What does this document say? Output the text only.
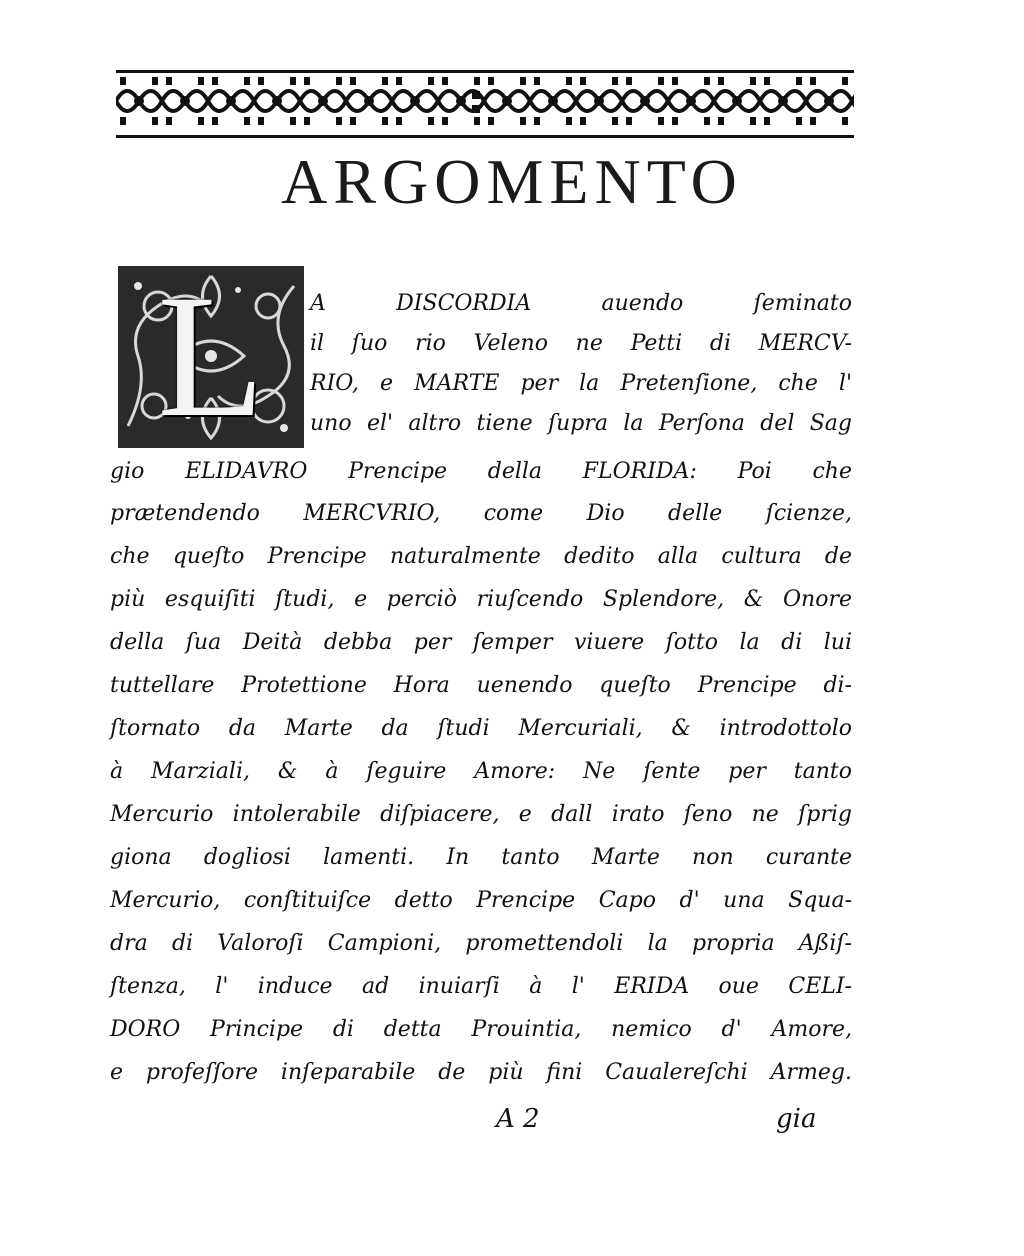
ARGOMENTO
L	A DISCORDIA auendo ſeminato
il ſuo rio Veleno ne Petti di MERCV-
RIO, e MARTE per la Pretenſione, che l'
uno el' altro tiene ſupra la Perſona del Sag
gio ELIDAVRO Prencipe della FLORIDA: Poi che
prætendendo MERCVRIO, come Dio delle ſcienze,
che queſto Prencipe naturalmente dedito alla cultura de
più esquiſiti ſtudi, e perciò riuſcendo Splendore, & Onore
della ſua Deità debba per ſemper viuere ſotto la di lui
tuttellare Protettione Hora uenendo queſto Prencipe di-
ſtornato da Marte da ſtudi Mercuriali, & introdottolo
à Marziali, & à ſeguire Amore: Ne ſente per tanto
Mercurio intolerabile diſpiacere, e dall irato ſeno ne ſprig
giona dogliosi lamenti. In tanto Marte non curante
Mercurio, conſtituiſce detto Prencipe Capo d' una Squa-
dra di Valoroſi Campioni, promettendoli la propria Aßiſ-
ſtenza, l' induce ad inuiarſi à l' ERIDA oue CELI-
DORO Principe di detta Prouintia, nemico d' Amore,
e profeſſore inſeparabile de più fini Caualereſchi Armeg.
A 2	gia
